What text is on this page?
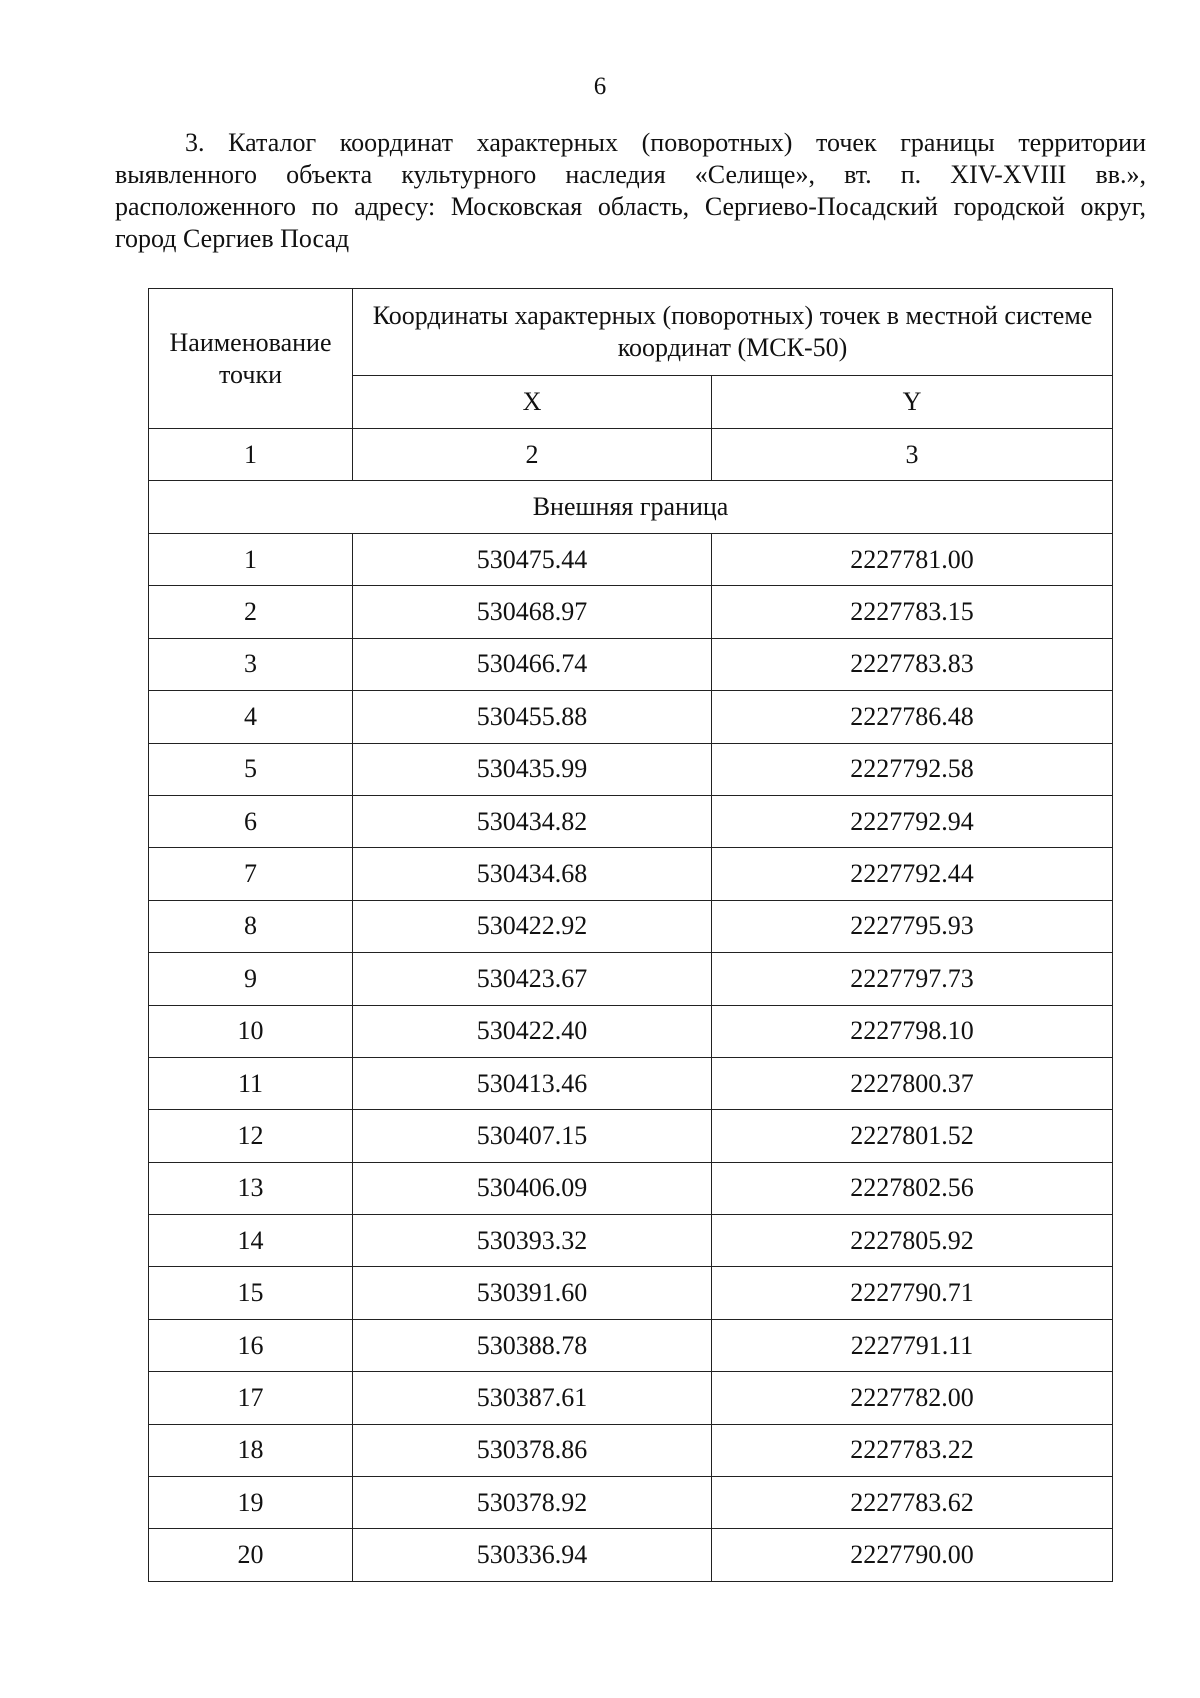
6
3. Каталог координат характерных (поворотных) точек границы территории выявленного объекта культурного наследия «Селище», вт. п. XIV-XVIII вв.», расположенного по адресу: Московская область, Сергиево-Посадский городской округ, город Сергиев Посад
Наименование точки	Координаты характерных (поворотных) точек в местной системе координат (МСК-50)	
	X	Y
1	2	3
Внешняя граница		
1	530475.44	2227781.00
2	530468.97	2227783.15
3	530466.74	2227783.83
4	530455.88	2227786.48
5	530435.99	2227792.58
6	530434.82	2227792.94
7	530434.68	2227792.44
8	530422.92	2227795.93
9	530423.67	2227797.73
10	530422.40	2227798.10
11	530413.46	2227800.37
12	530407.15	2227801.52
13	530406.09	2227802.56
14	530393.32	2227805.92
15	530391.60	2227790.71
16	530388.78	2227791.11
17	530387.61	2227782.00
18	530378.86	2227783.22
19	530378.92	2227783.62
20	530336.94	2227790.00
